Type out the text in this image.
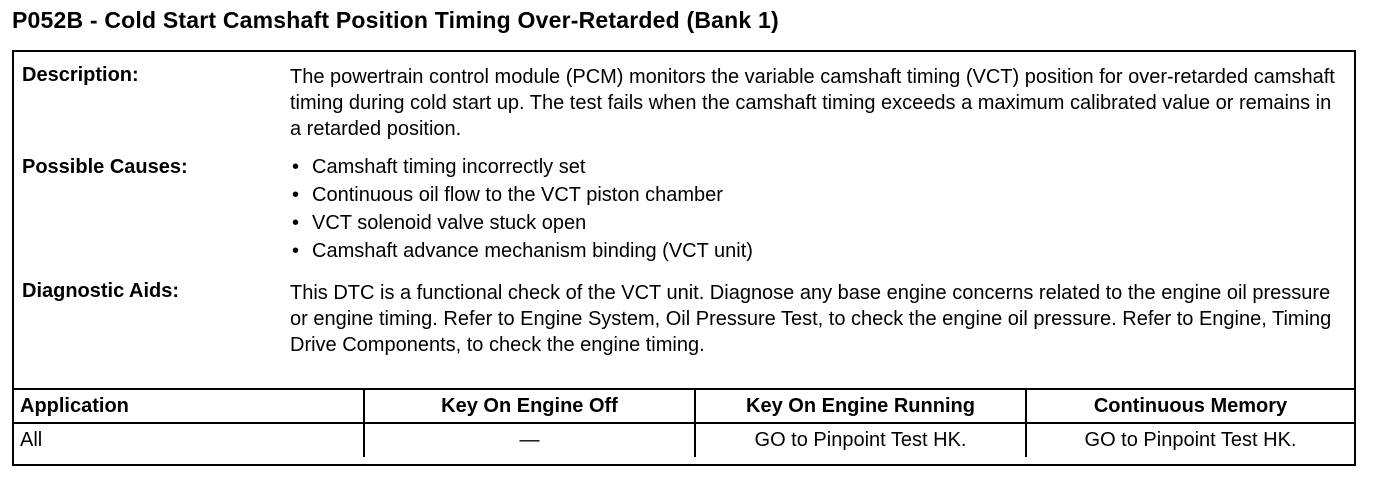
P052B - Cold Start Camshaft Position Timing Over-Retarded (Bank 1)
Description:	The powertrain control module (PCM) monitors the variable camshaft timing (VCT) position for over-retarded camshaft timing during cold start up. The test fails when the camshaft timing exceeds a maximum calibrated value or remains in a retarded position.

Possible Causes:	• Camshaft timing incorrectly set
• Continuous oil flow to the VCT piston chamber
• VCT solenoid valve stuck open
• Camshaft advance mechanism binding (VCT unit)
Diagnostic Aids:	This DTC is a functional check of the VCT unit. Diagnose any base engine concerns related to the engine oil pressure or engine timing. Refer to Engine System, Oil Pressure Test, to check the engine oil pressure. Refer to Engine, Timing Drive Components, to check the engine timing.

Application	Key On Engine Off	Key On Engine Running	Continuous Memory
All	—	GO to Pinpoint Test HK.	GO to Pinpoint Test HK.
